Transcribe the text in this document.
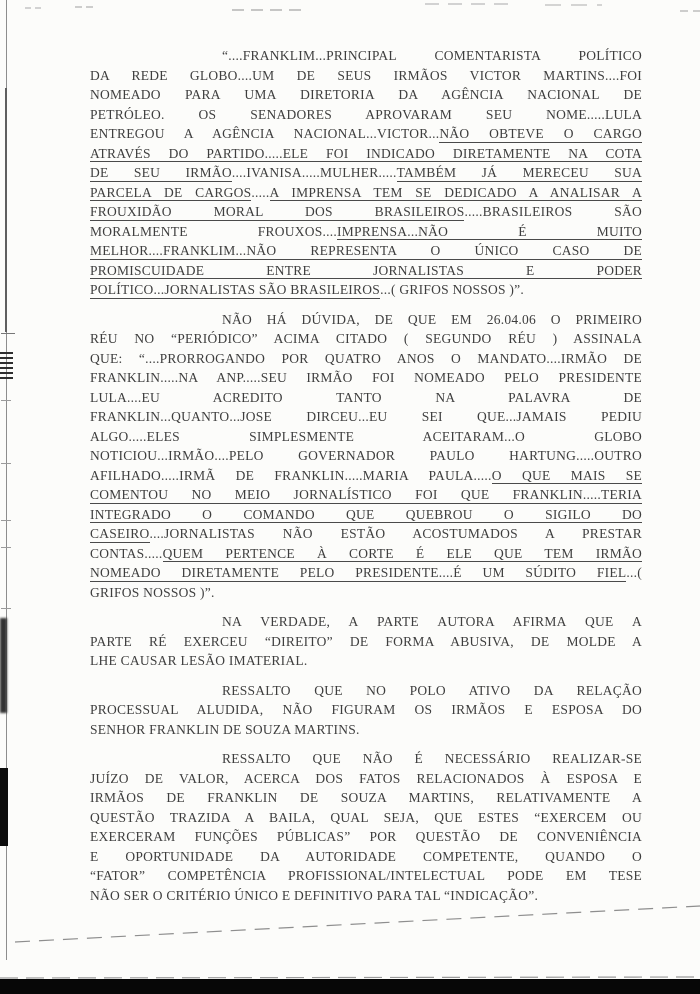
“....FRANKLIM...PRINCIPAL COMENTARISTA POLÍTICO
DA REDE GLOBO....UM DE SEUS IRMÃOS VICTOR MARTINS....FOI
NOMEADO PARA UMA DIRETORIA DA AGÊNCIA NACIONAL DE
PETRÓLEO. OS SENADORES APROVARAM SEU NOME.....LULA
ENTREGOU A AGÊNCIA NACIONAL...VICTOR...NÃO OBTEVE O CARGO
ATRAVÉS DO PARTIDO.....ELE FOI INDICADO DIRETAMENTE NA COTA
DE SEU IRMÃO....IVANISA.....MULHER.....TAMBÉM JÁ MERECEU SUA
PARCELA DE CARGOS.....A IMPRENSA TEM SE DEDICADO A ANALISAR A
FROUXIDÃO MORAL DOS BRASILEIROS.....BRASILEIROS SÃO
MORALMENTE FROUXOS....IMPRENSA...NÃO É MUITO
MELHOR....FRANKLIM...NÃO REPRESENTA O ÚNICO CASO DE
PROMISCUIDADE ENTRE JORNALISTAS E PODER
POLÍTICO...JORNALISTAS SÃO BRASILEIROS...( GRIFOS NOSSOS )”.
NÃO HÁ DÚVIDA, DE QUE EM 26.04.06 O PRIMEIRO
RÉU NO “PERIÓDICO” ACIMA CITADO ( SEGUNDO RÉU ) ASSINALA
QUE: “....PRORROGANDO POR QUATRO ANOS O MANDATO....IRMÃO DE
FRANKLIN.....NA ANP.....SEU IRMÃO FOI NOMEADO PELO PRESIDENTE
LULA....EU ACREDITO TANTO NA PALAVRA DE
FRANKLIN...QUANTO...JOSE DIRCEU...EU SEI QUE...JAMAIS PEDIU
ALGO.....ELES SIMPLESMENTE ACEITARAM...O GLOBO
NOTICIOU...IRMÃO....PELO GOVERNADOR PAULO HARTUNG.....OUTRO
AFILHADO.....IRMÃ DE FRANKLIN.....MARIA PAULA.....O QUE MAIS SE
COMENTOU NO MEIO JORNALÍSTICO FOI QUE FRANKLIN.....TERIA
INTEGRADO O COMANDO QUE QUEBROU O SIGILO DO
CASEIRO....JORNALISTAS NÃO ESTÃO ACOSTUMADOS A PRESTAR
CONTAS.....QUEM PERTENCE À CORTE É ELE QUE TEM IRMÃO
NOMEADO DIRETAMENTE PELO PRESIDENTE....É UM SÚDITO FIEL...(
GRIFOS NOSSOS )”.
NA VERDADE, A PARTE AUTORA AFIRMA QUE A
PARTE RÉ EXERCEU “DIREITO” DE FORMA ABUSIVA, DE MOLDE A
LHE CAUSAR LESÃO IMATERIAL.
RESSALTO QUE NO POLO ATIVO DA RELAÇÃO
PROCESSUAL ALUDIDA, NÃO FIGURAM OS IRMÃOS E ESPOSA DO
SENHOR FRANKLIN DE SOUZA MARTINS.
RESSALTO QUE NÃO É NECESSÁRIO REALIZAR-SE
JUÍZO DE VALOR, ACERCA DOS FATOS RELACIONADOS À ESPOSA E
IRMÃOS DE FRANKLIN DE SOUZA MARTINS, RELATIVAMENTE A
QUESTÃO TRAZIDA A BAILA, QUAL SEJA, QUE ESTES “EXERCEM OU
EXERCERAM FUNÇÕES PÚBLICAS” POR QUESTÃO DE CONVENIÊNCIA
E OPORTUNIDADE DA AUTORIDADE COMPETENTE, QUANDO O
“FATOR” COMPETÊNCIA PROFISSIONAL/INTELECTUAL PODE EM TESE
NÃO SER O CRITÉRIO ÚNICO E DEFINITIVO PARA TAL “INDICAÇÃO”.
